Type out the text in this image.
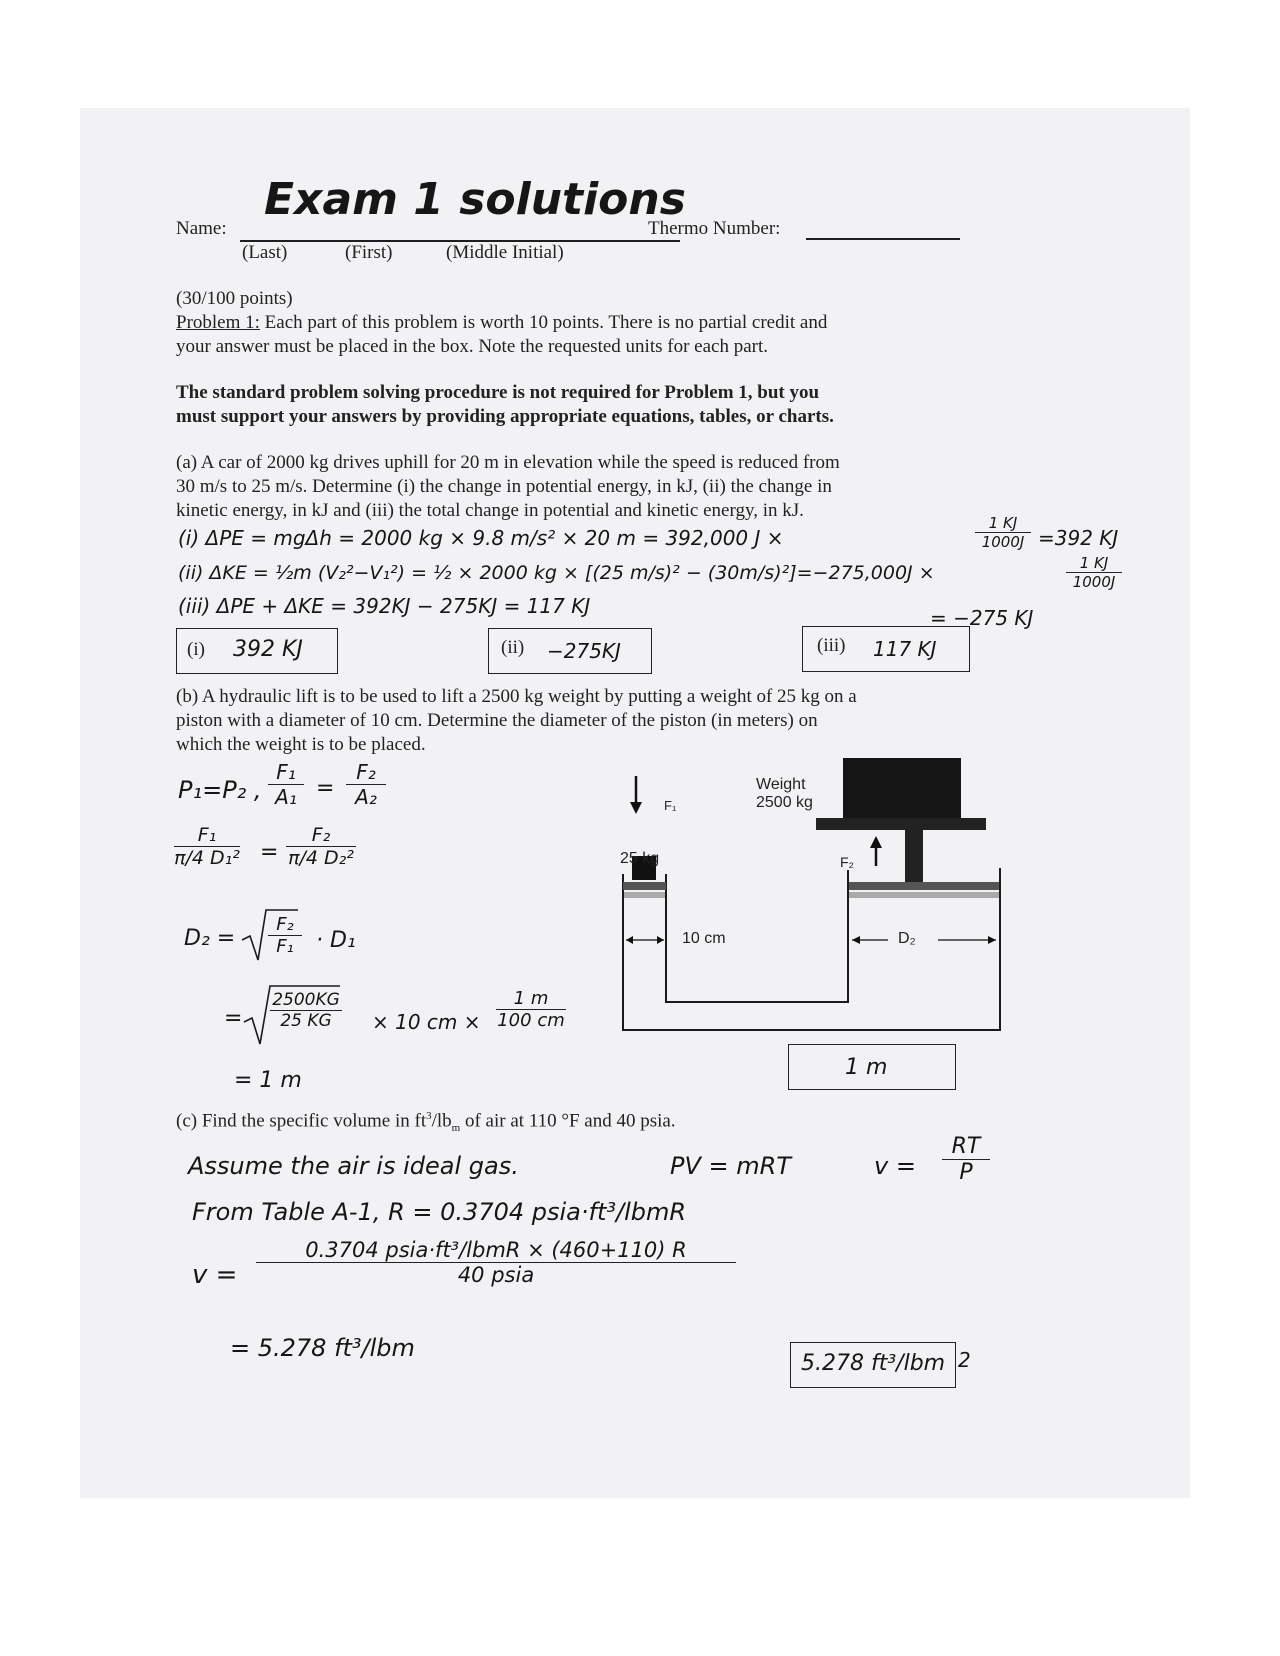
Exam 1 solutions
Name:	Thermo Number:
(Last)	(First)	(Middle Initial)
(30/100 points)
Problem 1: Each part of this problem is worth 10 points. There is no partial credit and
your answer must be placed in the box. Note the requested units for each part.
The standard problem solving procedure is not required for Problem 1, but you
must support your answers by providing appropriate equations, tables, or charts.
(a) A car of 2000 kg drives uphill for 20 m in elevation while the speed is reduced from
30 m/s to 25 m/s. Determine (i) the change in potential energy, in kJ, (ii) the change in
kinetic energy, in kJ and (iii) the total change in potential and kinetic energy, in kJ.
(i) ΔPE = mgΔh = 2000 kg × 9.8 m/s² × 20 m = 392,000 J ×	$\frac{1 KJ}{1000J} =392$ KJ
(ii) ΔKE = ½m (V₂²−V₁²) = ½ × 2000 kg × [(25 m/s)² − (30m/s)²]=−275,000J ×	$\frac{1 KJ}{1000J}$
= −275 KJ
(iii) ΔPE + ΔKE = 392KJ − 275KJ = 117 KJ
(i) 392 KJ	(ii) −275KJ	(iii) 117 KJ
(b) A hydraulic lift is to be used to lift a 2500 kg weight by putting a weight of 25 kg on a
piston with a diameter of 10 cm. Determine the diameter of the piston (in meters) on
which the weight is to be placed.
P₁=P₂ , $\frac{\text{F₁}}{\text{A₁}} = \frac{\text{F₂}}{\text{A₂}}$
$\frac{\text{F₁}}{\text{π/4 D₁²}} = \frac{\text{F₂}}{\text{π/4 D₂²}}$
$D_2 = \frac{\text{F₂}}{\text{F₁}} \cdot D_1$
= $\frac{2500KG}{25 KG} \times 10$ cm × $\frac{1 m}{100 cm}$
= 1 m
Weight
2500 kg
F₁
25 kg	F₂
10 cm	D₂
1 m
(c) Find the specific volume in $ft^3/lb_m$ of air at 110 °F and 40 psia.
Assume the air is ideal gas.	PV = mRT	$v = \frac{RT}{P}$
From Table A-1, R = 0.3704 psia·ft³/lbmR
v =
0.3704 psia·ft³/lbmR × (460+110) R
40 psia
= 5.278 ft³/lbm
5.278 ft³/lbm 2
